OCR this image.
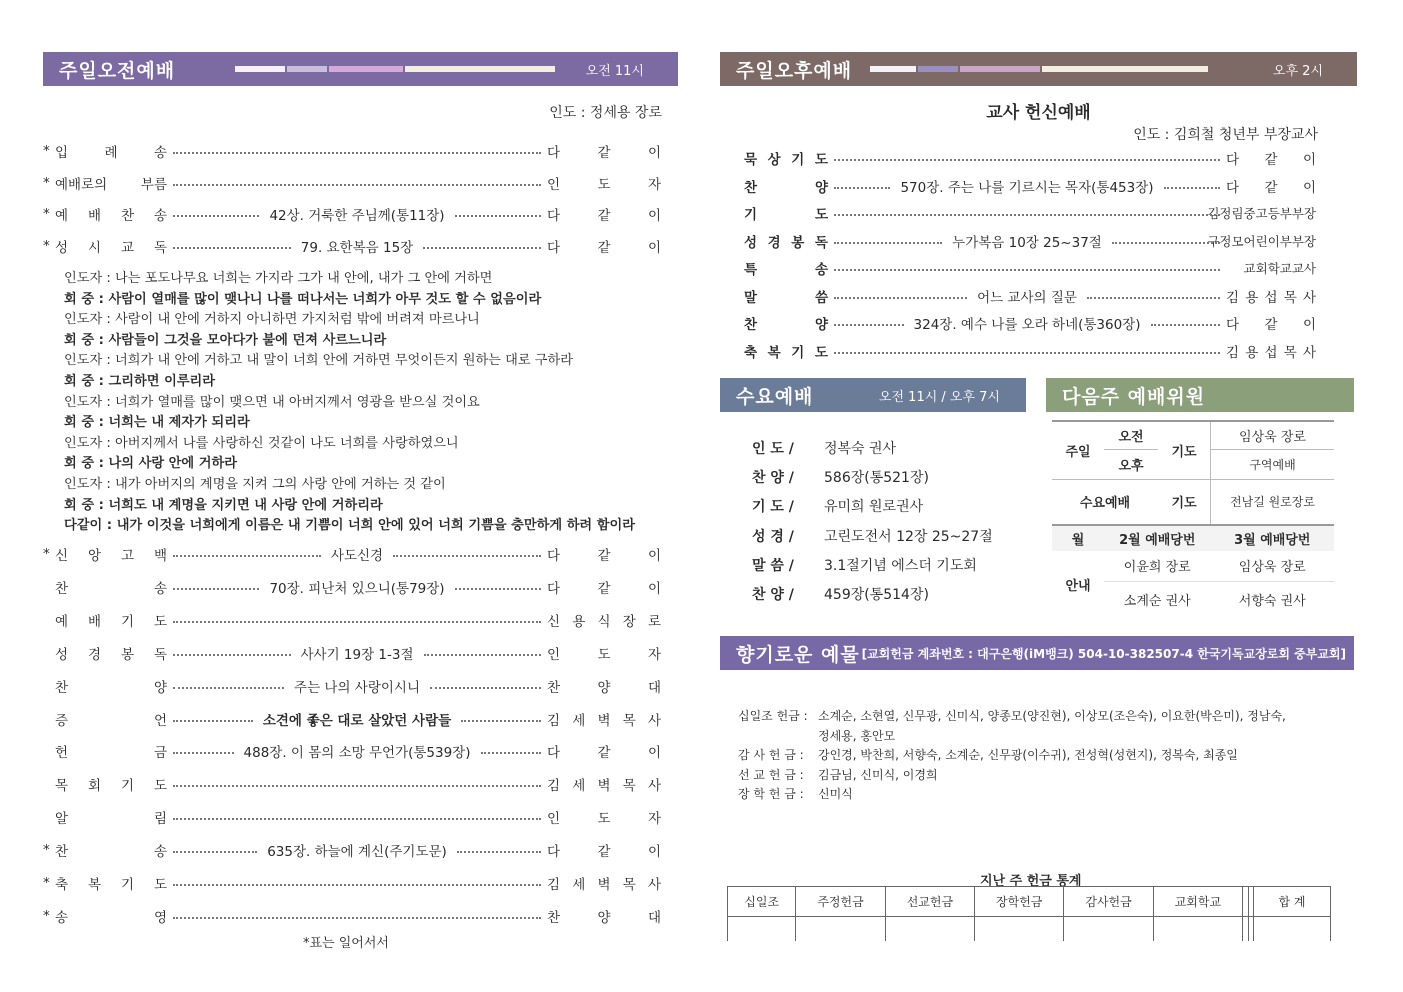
주일오전예배	오전 11시
인도 : 정세용 장로
* 입	례	송	다	같	이
* 예배로의 부름	인	도	자
* 예 배 찬 송	42상. 거룩한 주님께(통11장)	다	같	이
* 성 시 교 독	79. 요한복음 15장	다	같	이
인도자 : 나는 포도나무요 너희는 가지라 그가 내 안에, 내가 그 안에 거하면
회 중 : 사람이 열매를 많이 맺나니 나를 떠나서는 너희가 아무 것도 할 수 없음이라
인도자 : 사람이 내 안에 거하지 아니하면 가지처럼 밖에 버려져 마르나니
회 중 : 사람들이 그것을 모아다가 불에 던져 사르느니라
인도자 : 너희가 내 안에 거하고 내 말이 너희 안에 거하면 무엇이든지 원하는 대로 구하라
회 중 : 그리하면 이루리라
인도자 : 너희가 열매를 많이 맺으면 내 아버지께서 영광을 받으실 것이요
회 중 : 너희는 내 제자가 되리라
인도자 : 아버지께서 나를 사랑하신 것같이 나도 너희를 사랑하였으니
회 중 : 나의 사랑 안에 거하라
인도자 : 내가 아버지의 계명을 지켜 그의 사랑 안에 거하는 것 같이
회 중 : 너희도 내 계명을 지키면 내 사랑 안에 거하리라
다같이 : 내가 이것을 너희에게 이름은 내 기쁨이 너희 안에 있어 너희 기쁨을 충만하게 하려 함이라
* 신 앙 고 백	사도신경	다	같	이
찬	송	70장. 피난처 있으니(통79장)	다	같	이
예 배 기 도	신 용 식 장 로
성 경 봉 독	사사기 19장 1-3절	인	도	자
찬	양	주는 나의 사랑이시니	찬	양	대
증	언	소견에 좋은 대로 살았던 사람들	김 세 벽 목 사
헌	금	488장. 이 몸의 소망 무언가(통539장)	다	같	이
목 회 기 도	김 세 벽 목 사
알	림	인	도	자
* 찬	송	635장. 하늘에 계신(주기도문)	다	같	이
* 축 복 기 도	김 세 벽 목 사
* 송	영	찬	양	대
*표는 일어서서
주일오후예배	오후 2시
교사 헌신예배
인도 : 김희철 청년부 부장교사
묵 상 기 도	다 같 이
찬	양	570장. 주는 나를 기르시는 목자(통453장)	다 같 이
기	도	김정림중고등부부장
성 경 봉 독	누가복음 10장 25~37절	구정모어린이부부장
특	송	교회학교교사
말	씀	어느 교사의 질문	김 용 섭 목 사
찬	양	324장. 예수 나를 오라 하네(통360장)	다 같 이
축 복 기 도	김 용 섭 목 사
수요예배	오전 11시 / 오후 7시
인 도 /	정복숙 권사
찬 양 /	586장(통521장)
기 도 /	유미희 원로권사
성 경 /	고린도전서 12장 25~27절
말 씀 /	3.1절기념 에스더 기도회
찬 양 /	459장(통514장)
다음주 예배위원
주일	오전	기도	임상욱 장로
	오후		구역예배
수요예배		기도	전남길 원로장로
월	2월 예배당번		3월 예배당번
안내	이윤희 장로		임상욱 장로
	소계순 권사		서향숙 권사
향기로운 예물 [교회헌금 계좌번호 : 대구은행(iM뱅크) 504-10-382507-4 한국기독교장로회 중부교회]
십일조 헌금 : 소계순, 소현열, 신무광, 신미식, 양종모(양진현), 이상모(조은숙), 이요한(박은미), 정남숙,
정세용, 홍안모
감 사 헌 금 :	강인경, 박찬희, 서향숙, 소계순, 신무광(이수귀), 전성혁(성현지), 정복숙, 최종일
선 교 헌 금 :	김금님, 신미식, 이경희
장 학 헌 금 :	신미식
지난 주 헌금 통계
십일조	주정헌금	선교헌금	장학헌금	감사헌금	교회학교			합 계
